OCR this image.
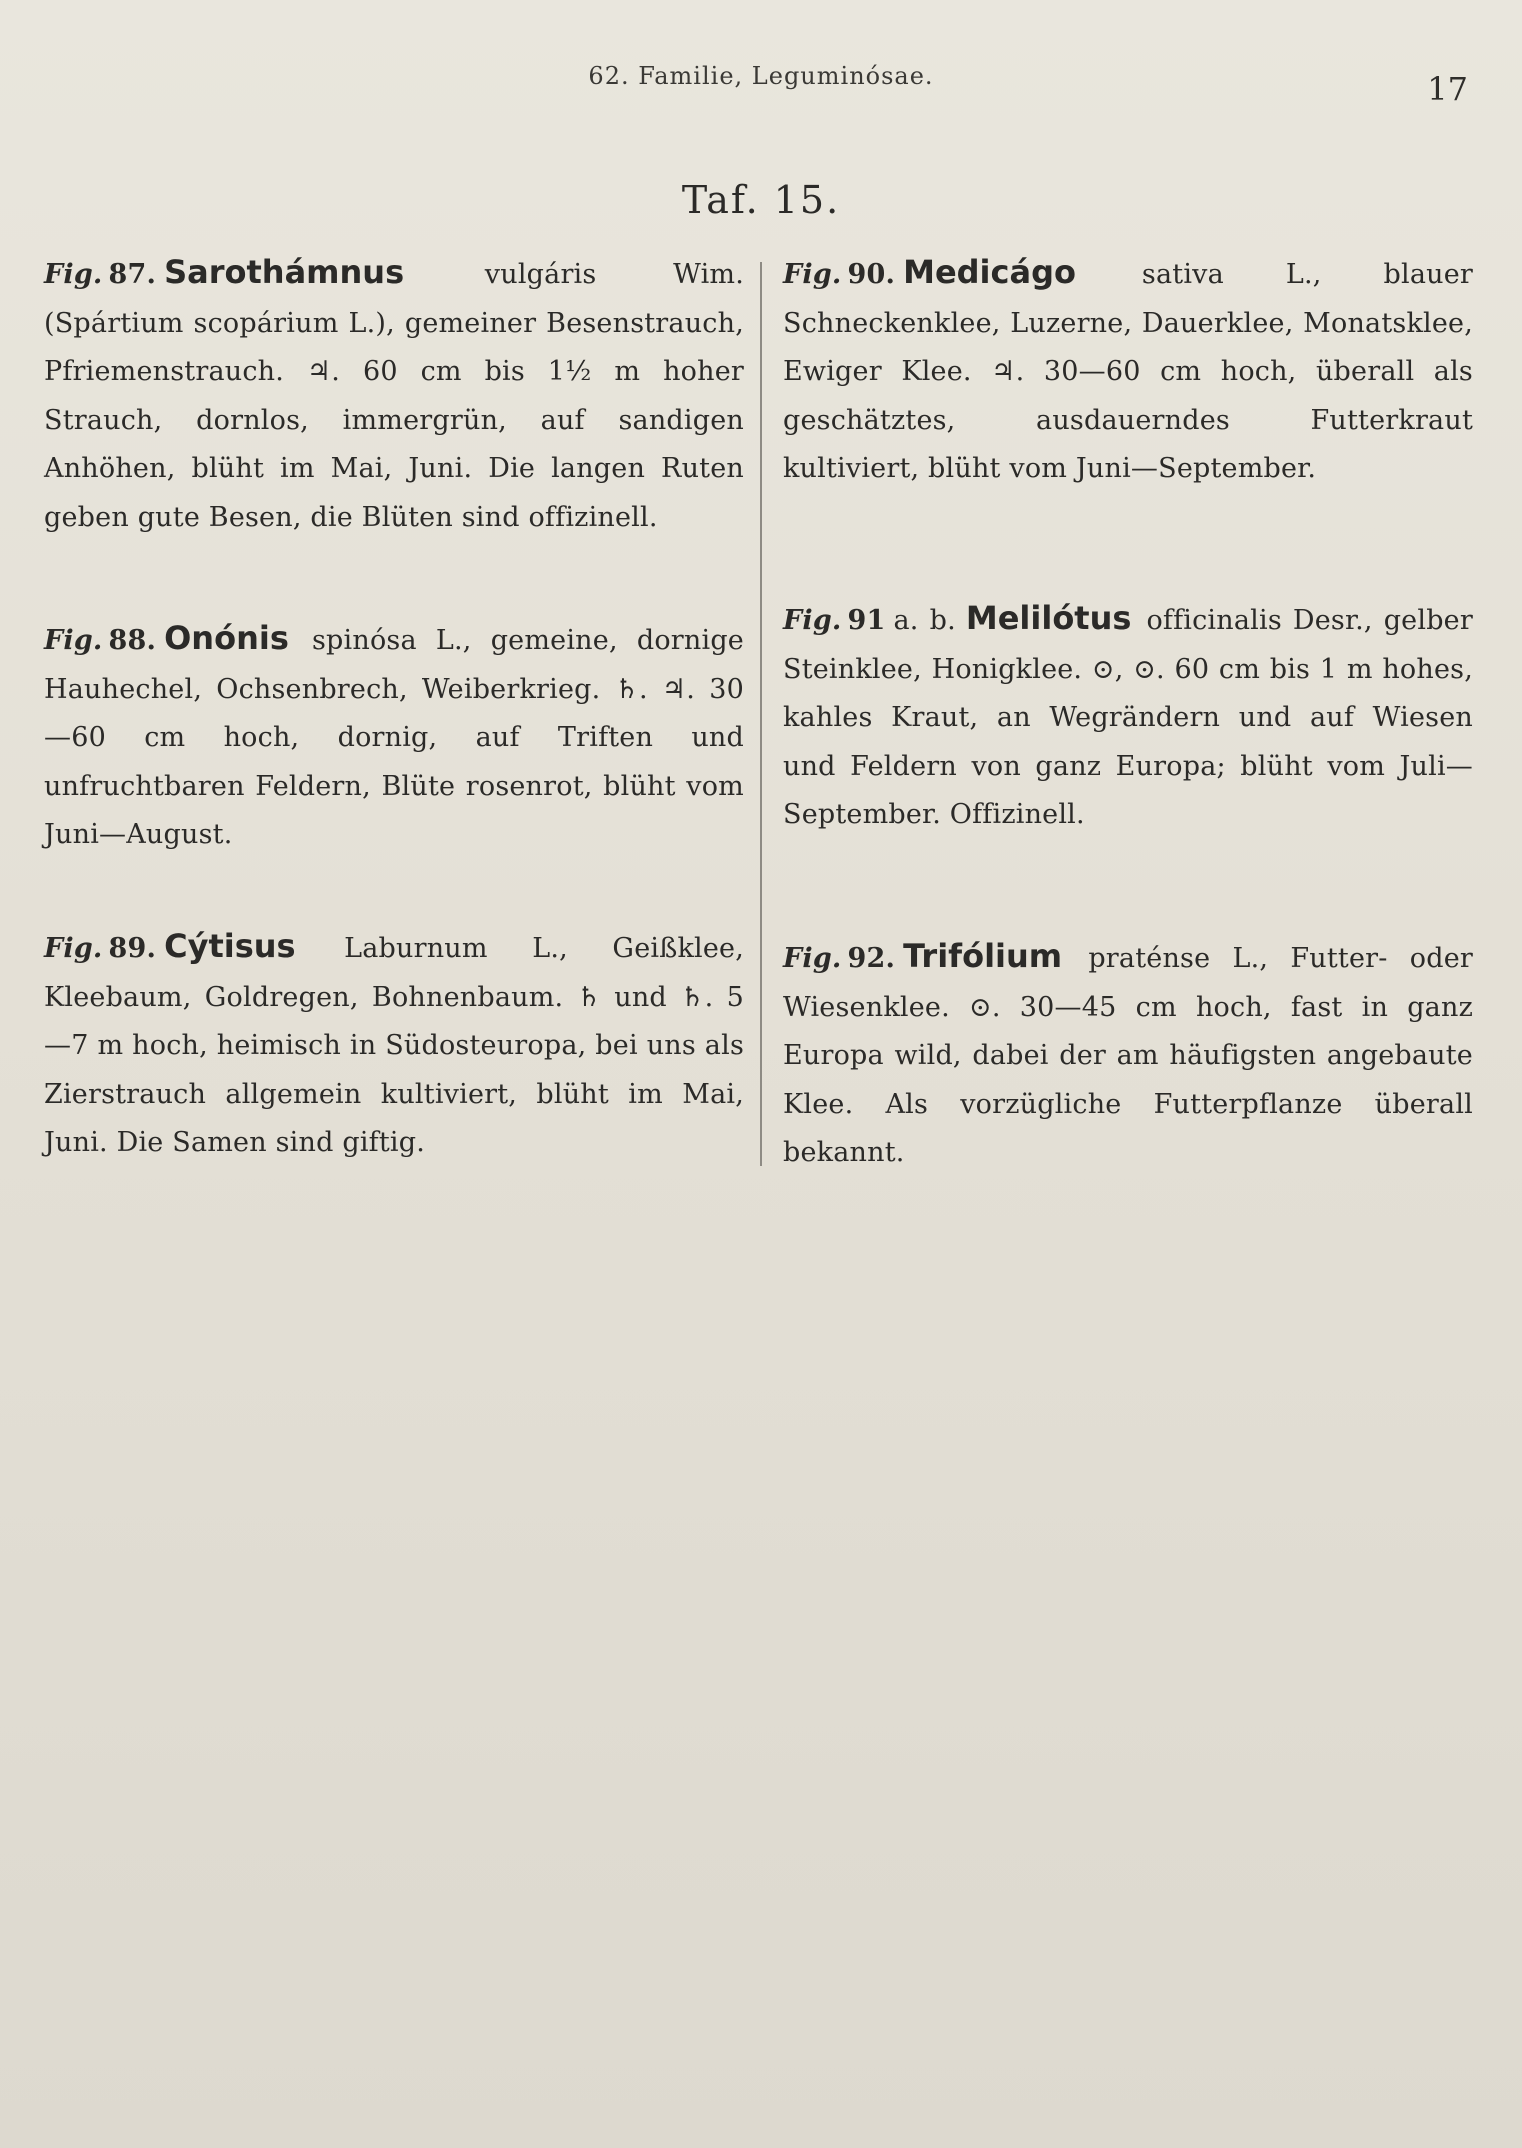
62. Familie, Leguminósae.	17
Taf. 15.
Fig. 87. Sarothámnus	vulgáris Wim. (Spártium scopárium L.), gemeiner Besenstrauch, Pfriemenstrauch. ♃. 60 cm bis 1½ m hoher Strauch, dornlos, immergrün, auf sandigen Anhöhen, blüht im Mai, Juni. Die langen Ruten geben gute Besen, die Blüten sind offizinell.
Fig. 88. Onónis spinósa L., gemeine, dornige Hauhechel, Ochsenbrech, Weiberkrieg. ♄. ♃. 30—60 cm hoch, dornig, auf Triften und unfruchtbaren Feldern, Blüte rosenrot, blüht vom Juni—August.
Fig. 89. Cýtisus Laburnum L., Geißklee, Kleebaum, Goldregen, Bohnenbaum. ♄ und ♄. 5—7 m hoch, heimisch in Südosteuropa, bei uns als Zierstrauch allgemein kultiviert, blüht im Mai, Juni. Die Samen sind giftig.
Fig. 90. Medicágo sativa L., blauer Schneckenklee, Luzerne, Dauerklee, Monatsklee, Ewiger Klee. ♃. 30—60 cm hoch, überall als geschätztes, ausdauerndes Futterkraut kultiviert, blüht vom Juni—September.
Fig. 91 a. b. Melilótus officinalis Desr., gelber Steinklee, Honigklee. ⊙, ⊙. 60 cm bis 1 m hohes, kahles Kraut, an Wegrändern und auf Wiesen und Feldern von ganz Europa; blüht vom Juli—September. Offizinell.
Fig. 92. Trifólium praténse L., Futter- oder Wiesenklee. ⊙. 30—45 cm hoch, fast in ganz Europa wild, dabei der am häufigsten angebaute Klee. Als vorzügliche Futterpflanze überall bekannt.
